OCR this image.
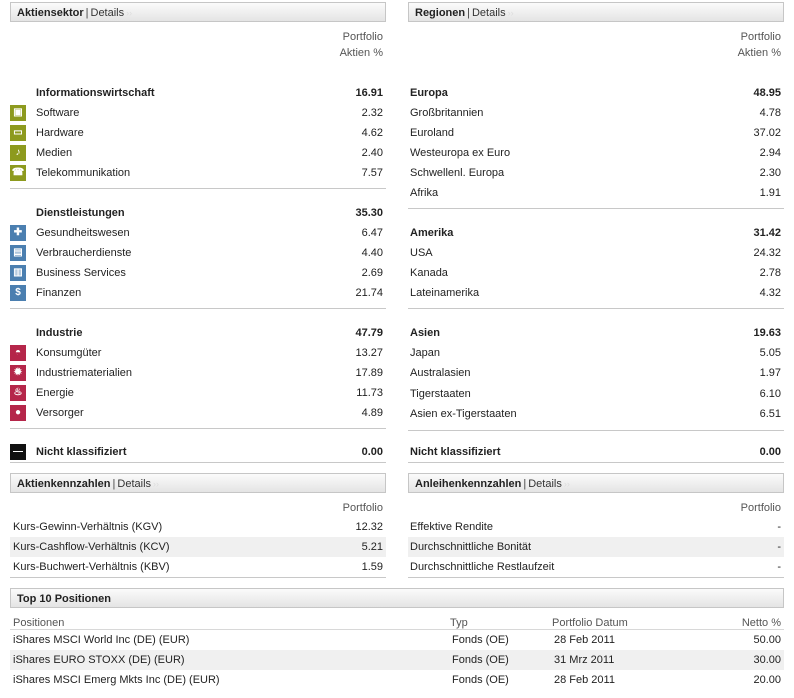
Aktiensektor | Details ››
Portfolio
Aktien %
Regionen | Details ››
Portfolio
Aktien %
Aktienkennzahlen | Details ››
Portfolio
Anleihenkennzahlen | Details ››
Portfolio
Top 10 Positionen
Positionen	Typ	Portfolio Datum	Netto %
Informationswirtschaft	16.91
Software	2.32
▣
Hardware	4.62
▭
Medien	2.40
♪
Telekommunikation	7.57
☎
Dienstleistungen	35.30
Gesundheitswesen	6.47
✚
Verbraucherdienste	4.40
▤
Business Services	2.69
▥
Finanzen	21.74
$
Industrie	47.79
Konsumgüter	13.27
◓
Industriematerialien	17.89
✹
Energie	11.73
♨
Versorger	4.89
●
Nicht klassifiziert	0.00
—
Europa	48.95
Großbritannien	4.78
Euroland	37.02
Westeuropa ex Euro	2.94
Schwellenl. Europa	2.30
Afrika	1.91
Amerika	31.42
USA	24.32
Kanada	2.78
Lateinamerika	4.32
Asien	19.63
Japan	5.05
Australasien	1.97
Tigerstaaten	6.10
Asien ex-Tigerstaaten	6.51
Nicht klassifiziert	0.00
Kurs-Gewinn-Verhältnis (KGV)	12.32
Kurs-Cashflow-Verhältnis (KCV)	5.21
Kurs-Buchwert-Verhältnis (KBV)	1.59
Effektive Rendite	-
Durchschnittliche Bonität	-
Durchschnittliche Restlaufzeit	-
iShares MSCI World Inc (DE) (EUR)	Fonds (OE)	28 Feb 2011	50.00
iShares EURO STOXX (DE) (EUR)	Fonds (OE)	31 Mrz 2011	30.00
iShares MSCI Emerg Mkts Inc (DE) (EUR)	Fonds (OE)	28 Feb 2011	20.00
